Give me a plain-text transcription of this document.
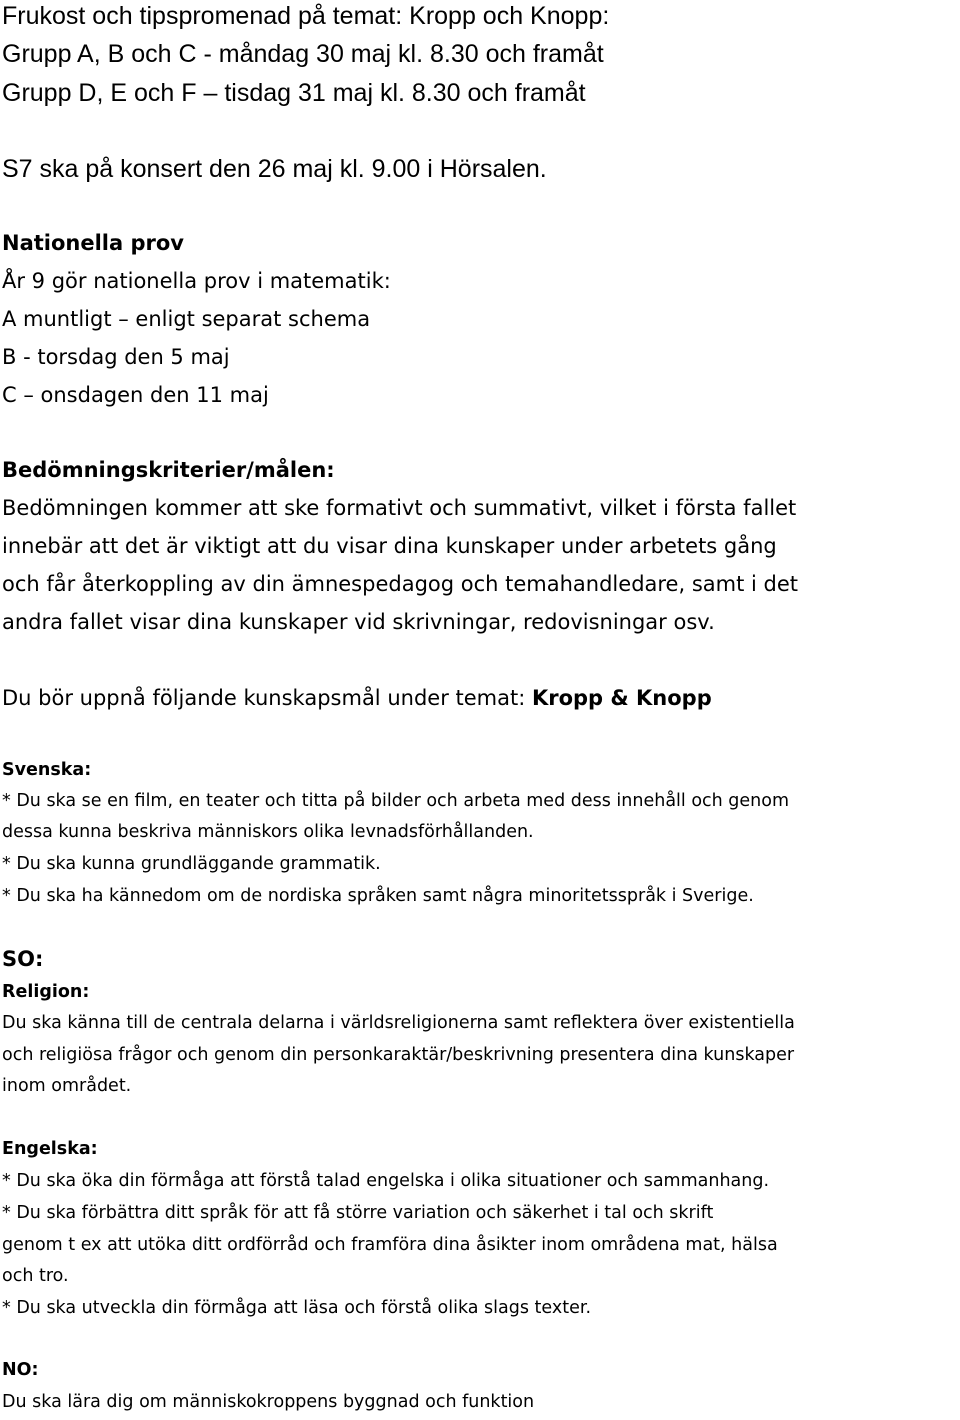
Frukost och tipspromenad på temat: Kropp och Knopp:
Grupp A, B och C - måndag 30 maj kl. 8.30 och framåt
Grupp D, E och F – tisdag 31 maj kl. 8.30 och framåt
S7 ska på konsert den 26 maj kl. 9.00 i Hörsalen.
Nationella prov
År 9 gör nationella prov i matematik:
A muntligt – enligt separat schema
B - torsdag den 5 maj
C – onsdagen den 11 maj
Bedömningskriterier/målen:
Bedömningen kommer att ske formativt och summativt, vilket i första fallet
innebär att det är viktigt att du visar dina kunskaper under arbetets gång
och får återkoppling av din ämnespedagog och temahandledare, samt i det
andra fallet visar dina kunskaper vid skrivningar, redovisningar osv.
Du bör uppnå följande kunskapsmål under temat: Kropp & Knopp
Svenska:
* Du ska se en film, en teater och titta på bilder och arbeta med dess innehåll och genom
dessa kunna beskriva människors olika levnadsförhållanden.
* Du ska kunna grundläggande grammatik.
* Du ska ha kännedom om de nordiska språken samt några minoritetsspråk i Sverige.
SO:
Religion:
Du ska känna till de centrala delarna i världsreligionerna samt reflektera över existentiella
och religiösa frågor och genom din personkaraktär/beskrivning presentera dina kunskaper
inom området.
Engelska:
* Du ska öka din förmåga att förstå talad engelska i olika situationer och sammanhang.
* Du ska förbättra ditt språk för att få större variation och säkerhet i tal och skrift
genom t ex att utöka ditt ordförråd och framföra dina åsikter inom områdena mat, hälsa
och tro.
* Du ska utveckla din förmåga att läsa och förstå olika slags texter.
NO:
Du ska lära dig om människokroppens byggnad och funktion
